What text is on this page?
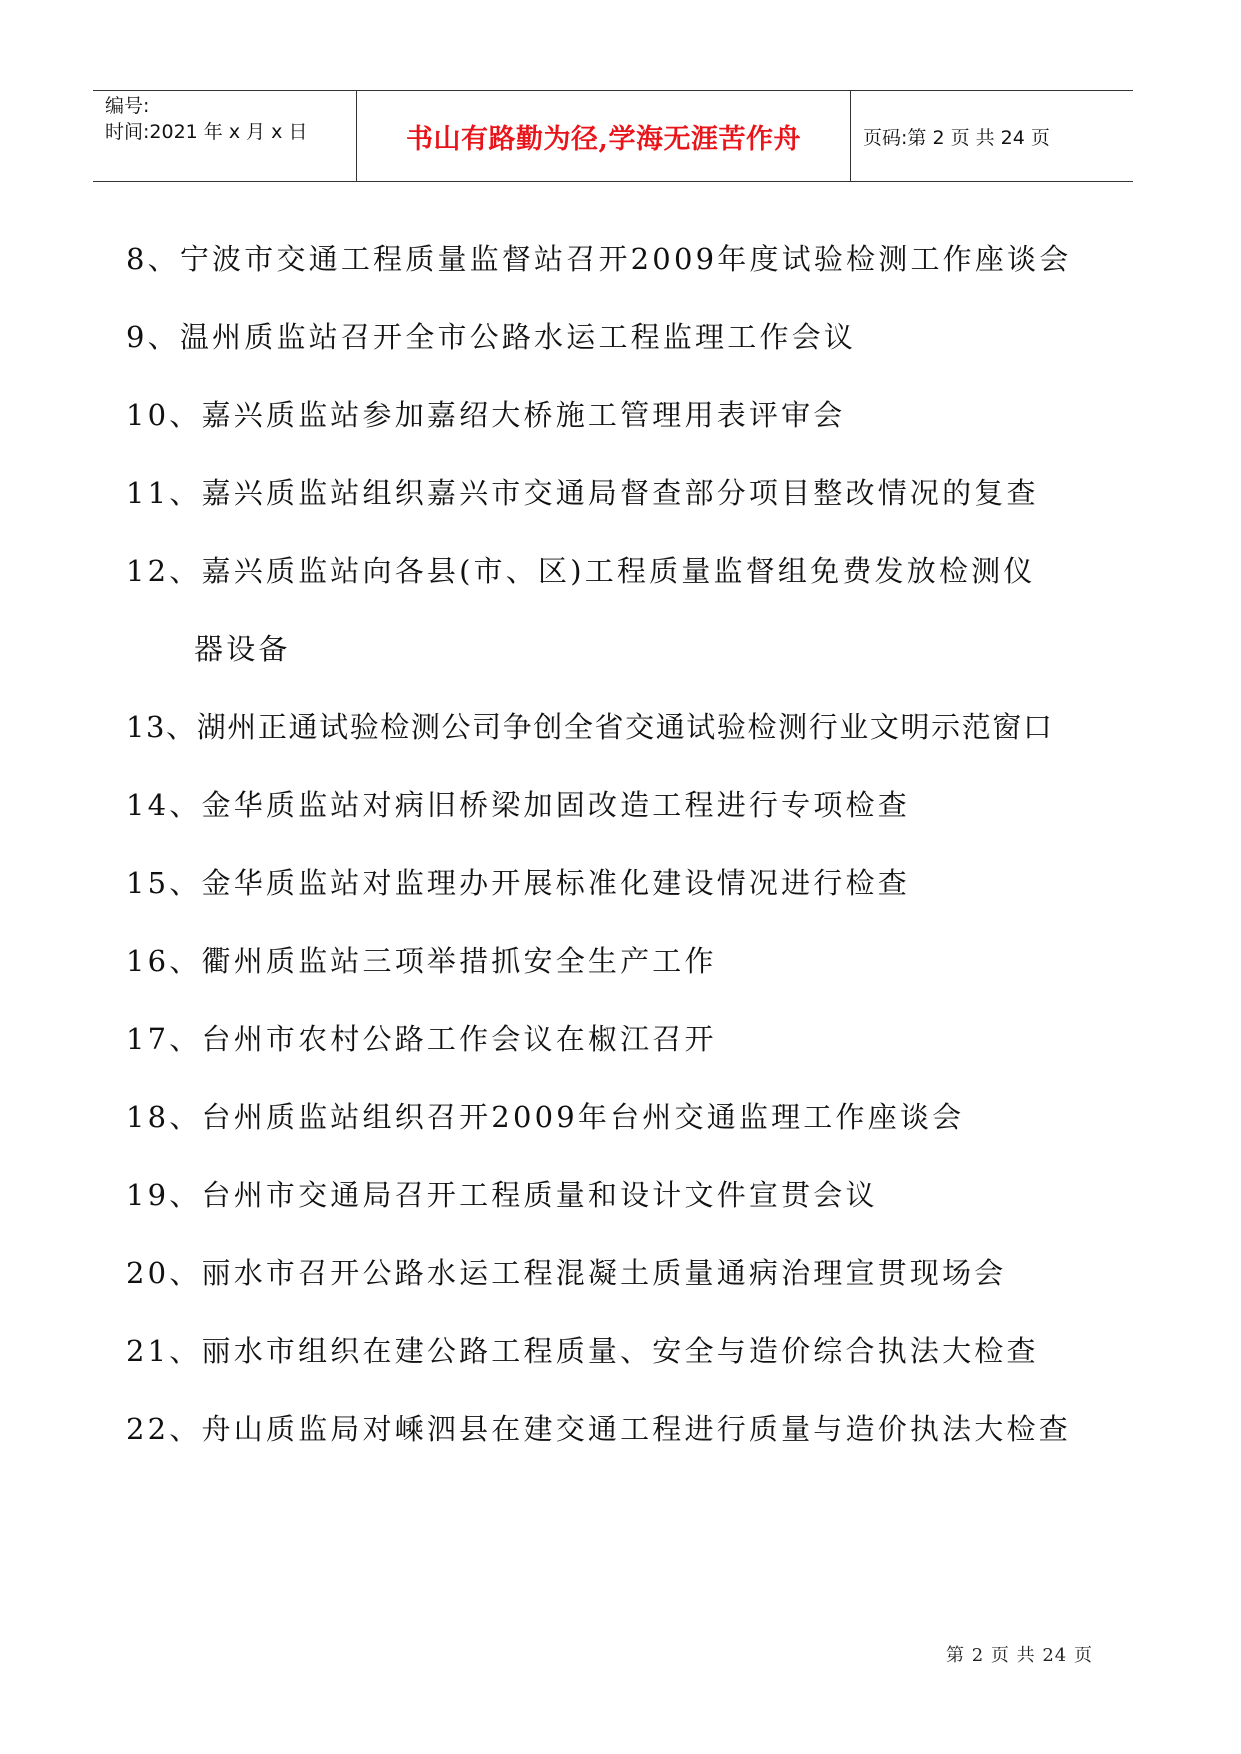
编号:
时间:2021 年 x 月 x 日	书山有路勤为径,学海无涯苦作舟	页码:第 2 页 共 24 页
8、宁波市交通工程质量监督站召开2009年度试验检测工作座谈会
9、温州质监站召开全市公路水运工程监理工作会议
10、嘉兴质监站参加嘉绍大桥施工管理用表评审会
11、嘉兴质监站组织嘉兴市交通局督查部分项目整改情况的复查
12、嘉兴质监站向各县(市、区)工程质量监督组免费发放检测仪
器设备
13、湖州正通试验检测公司争创全省交通试验检测行业文明示范窗口
14、金华质监站对病旧桥梁加固改造工程进行专项检查
15、金华质监站对监理办开展标准化建设情况进行检查
16、衢州质监站三项举措抓安全生产工作
17、台州市农村公路工作会议在椒江召开
18、台州质监站组织召开2009年台州交通监理工作座谈会
19、台州市交通局召开工程质量和设计文件宣贯会议
20、丽水市召开公路水运工程混凝土质量通病治理宣贯现场会
21、丽水市组织在建公路工程质量、安全与造价综合执法大检查
22、舟山质监局对嵊泗县在建交通工程进行质量与造价执法大检查
第 2 页 共 24 页
